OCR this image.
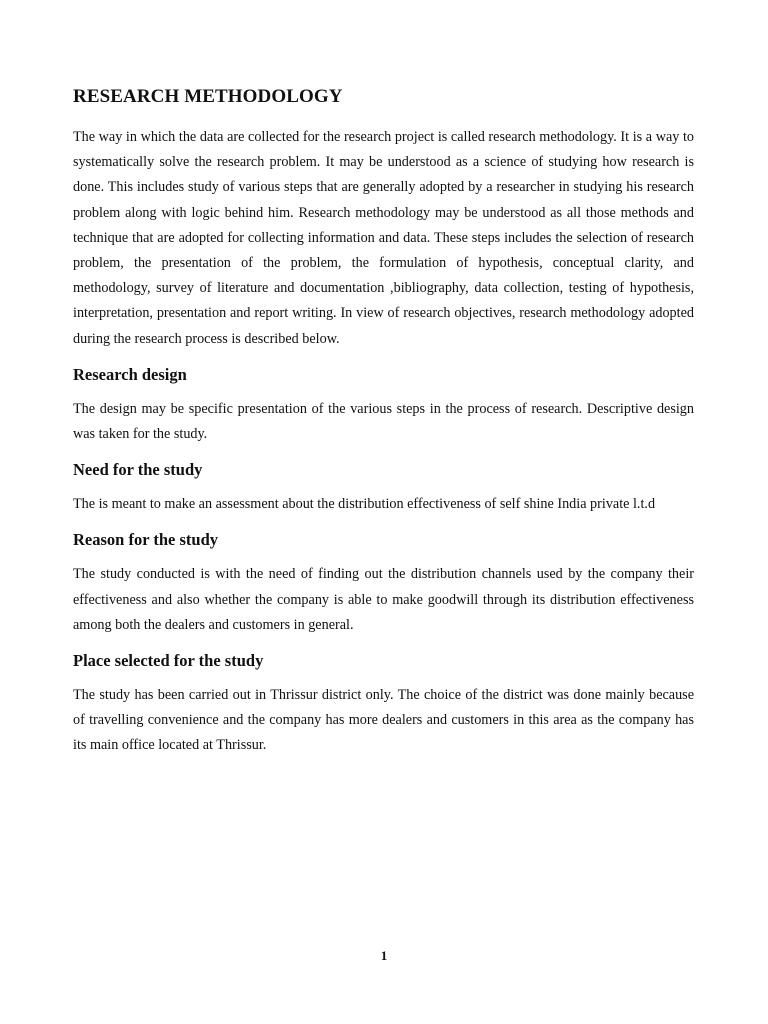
RESEARCH METHODOLOGY

The way in which the data are collected for the research project is called research methodology. It is a way to systematically solve the research problem. It may be understood as a science of studying how research is done. This includes study of various steps that are generally adopted by a researcher in studying his research problem along with logic behind him. Research methodology may be understood as all those methods and technique that are adopted for collecting information and data. These steps includes the selection of research problem, the presentation of the problem, the formulation of hypothesis, conceptual clarity, and methodology, survey of literature and documentation ,bibliography, data collection, testing of hypothesis, interpretation, presentation and report writing. In view of research objectives, research methodology adopted during the research process is described below.

Research design

The design may be specific presentation of the various steps in the process of research. Descriptive design was taken for the study.

Need for the study

The is meant to make an assessment about the distribution effectiveness of self shine India private l.t.d

Reason for the study

The study conducted is with the need of finding out the distribution channels used by the company their effectiveness and also whether the company is able to make goodwill through its distribution effectiveness among both the dealers and customers in general.

Place selected for the study

The study has been carried out in Thrissur district only. The choice of the district was done mainly because of travelling convenience and the company has more dealers and customers in this area as the company has its main office located at Thrissur.

1
